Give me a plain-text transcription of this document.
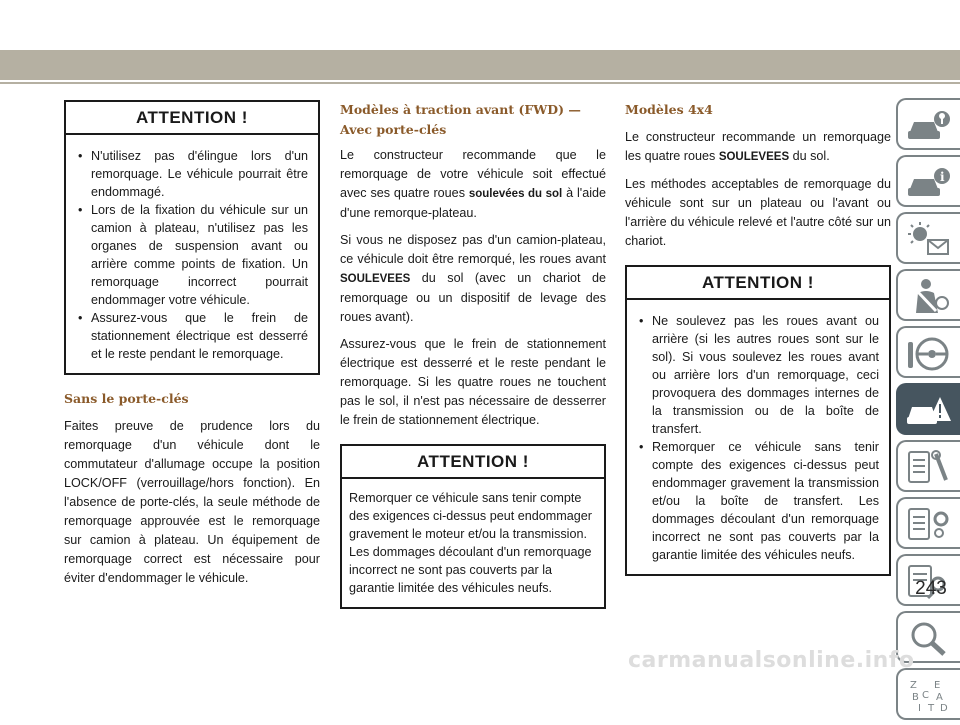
ATTENTION !
• N'utilisez pas d'élingue lors d'un remorquage. Le véhicule pourrait être endommagé.
• Lors de la fixation du véhicule sur un camion à plateau, n'utilisez pas les organes de suspension avant ou arrière comme points de fixation. Un remorquage incorrect pourrait endommager votre véhicule.
• Assurez-vous que le frein de stationnement électrique est desserré et le reste pendant le remorquage.
Sans le porte-clés

Faites preuve de prudence lors du remorquage d'un véhicule dont le commutateur d'allumage occupe la position LOCK/OFF (verrouillage/hors fonction). En l'absence de porte-clés, la seule méthode de remorquage approuvée est le remorquage sur camion à plateau. Un équipement de remorquage correct est nécessaire pour éviter d'endommager le véhicule.

Modèles à traction avant (FWD) — Avec porte-clés

Le constructeur recommande que le remorquage de votre véhicule soit effectué avec ses quatre roues soulevées du sol à l'aide d'une remorque-plateau.

Si vous ne disposez pas d'un camion-plateau, ce véhicule doit être remorqué, les roues avant SOULEVEES du sol (avec un chariot de remorquage ou un dispositif de levage des roues avant).

Assurez-vous que le frein de stationnement électrique est desserré et le reste pendant le remorquage. Si les quatre roues ne touchent pas le sol, il n'est pas nécessaire de desserrer le frein de stationnement électrique.

ATTENTION !
Remorquer ce véhicule sans tenir compte des exigences ci-dessus peut endommager gravement le moteur et/ou la transmission. Les dommages découlant d'un remorquage incorrect ne sont pas couverts par la garantie limitée des véhicules neufs.
Modèles 4x4

Le constructeur recommande un remorquage les quatre roues SOULEVEES du sol.

Les méthodes acceptables de remorquage du véhicule sont sur un plateau ou l'avant ou l'arrière du véhicule relevé et l'autre côté sur un chariot.

ATTENTION !
• Ne soulevez pas les roues avant ou arrière (si les autres roues sont sur le sol). Si vous soulevez les roues avant ou arrière lors d'un remorquage, ceci provoquera des dommages internes de la transmission ou de la boîte de transfert.
• Remorquer ce véhicule sans tenir compte des exigences ci-dessus peut endommager gravement la transmission et/ou la boîte de transfert. Les dommages découlant d'un remorquage incorrect ne sont pas couverts par la garantie limitée des véhicules neufs.
i
Z E
B C A
I T D
243
carmanualsonline.info
